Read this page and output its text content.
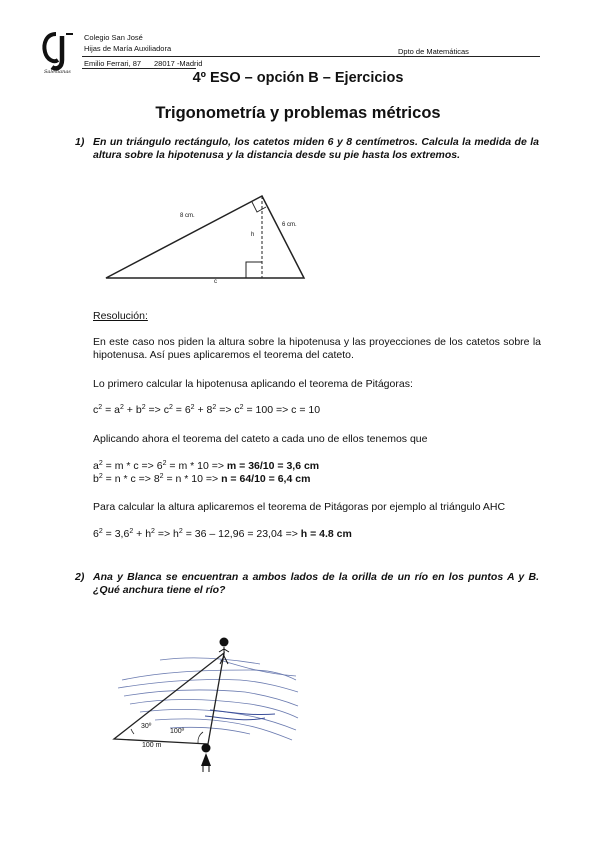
Salesianas
Colegio San José
Hijas de María Auxiliadora	Dpto de Matemáticas
Emilio Ferrari, 87 28017 -Madrid
4º ESO – opción B – Ejercicios
Trigonometría y problemas métricos
1) En un triángulo rectángulo, los catetos miden 6 y 8 centímetros. Calcula la medida de la altura sobre la hipotenusa y la distancia desde su pie hasta los extremos.
8 cm.
6 cm.
h
c
Resolución:
En este caso nos piden la altura sobre la hipotenusa y las proyecciones de los catetos sobre la hipotenusa. Así pues aplicaremos el teorema del cateto.
Lo primero calcular la hipotenusa aplicando el teorema de Pitágoras:
$c^2 = a^2 + b^2 => c^2 = 6^2 + 8^2 => c^2 = 100 => c = 10$
Aplicando ahora el teorema del cateto a cada uno de ellos tenemos que
$a^2 = m * c => 6^2 = m * 10 => m = 36/10 = 3,6$ cm
$b^2 = n * c => 8^2 = n * 10 => n = 64/10 = 6,4$ cm
Para calcular la altura aplicaremos el teorema de Pitágoras por ejemplo al triángulo AHC
$6^2 = 3,6^2 + h^2 => h^2 = 36 - 12,96 = 23,04 => h = 4.8$ cm
2) Ana y Blanca se encuentran a ambos lados de la orilla de un río en los puntos A y B. ¿Qué anchura tiene el río?
30º
100º
100 m
